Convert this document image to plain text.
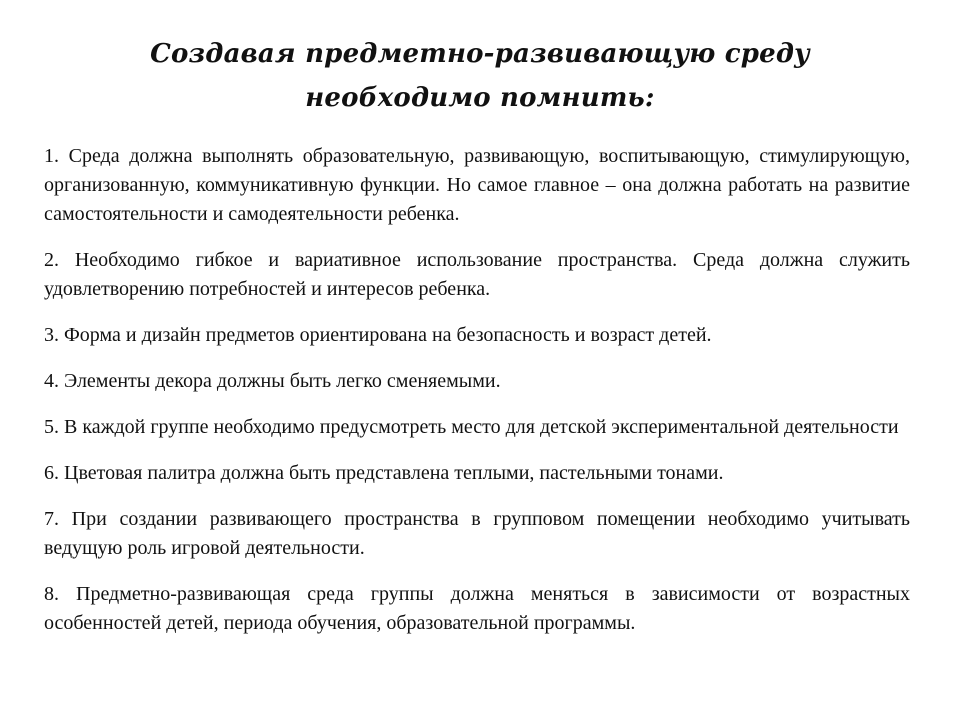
Создавая предметно-развивающую среду
необходимо помнить:
1. Среда должна выполнять образовательную, развивающую, воспитывающую, стимулирующую, организованную, коммуникативную функции. Но самое главное – она должна работать на развитие самостоятельности и самодеятельности ребенка.
2. Необходимо гибкое и вариативное использование пространства. Среда должна служить удовлетворению потребностей и интересов ребенка.
3. Форма и дизайн предметов ориентирована на безопасность и возраст детей.
4. Элементы декора должны быть легко сменяемыми.
5. В каждой группе необходимо предусмотреть место для детской экспериментальной деятельности
6. Цветовая палитра должна быть представлена теплыми, пастельными тонами.
7. При создании развивающего пространства в групповом помещении необходимо учитывать ведущую роль игровой деятельности.
8. Предметно-развивающая среда группы должна меняться в зависимости от возрастных особенностей детей, периода обучения, образовательной программы.
